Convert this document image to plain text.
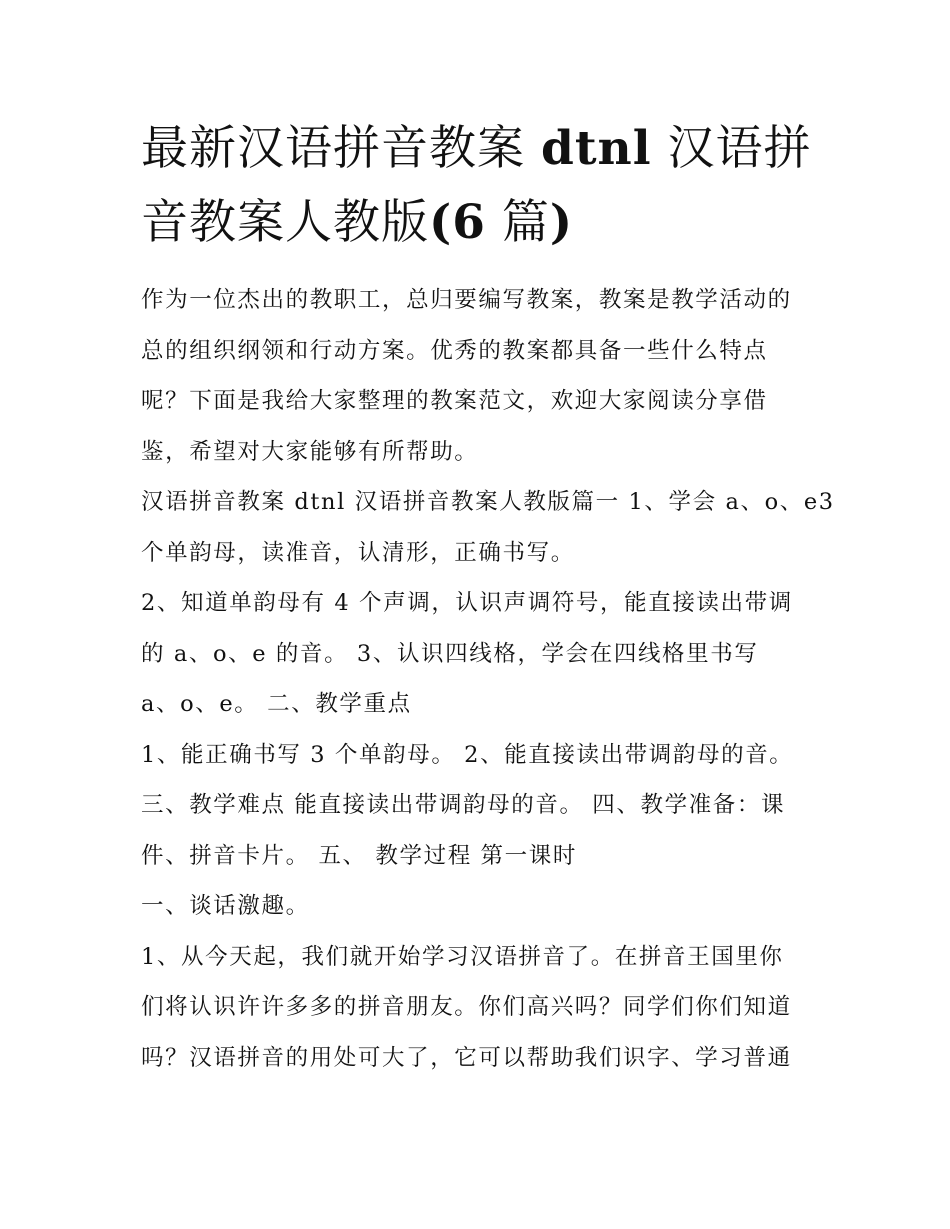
最新汉语拼音教案 dtnl 汉语拼音教案人教版(6 篇)
作为一位杰出的教职工，总归要编写教案，教案是教学活动的
总的组织纲领和行动方案。优秀的教案都具备一些什么特点
呢？下面是我给大家整理的教案范文，欢迎大家阅读分享借
鉴，希望对大家能够有所帮助。
汉语拼音教案 dtnl 汉语拼音教案人教版篇一 1、学会 a、o、e3
个单韵母，读准音，认清形，正确书写。
2、知道单韵母有 4 个声调，认识声调符号，能直接读出带调
的 a、o、e 的音。 3、认识四线格，学会在四线格里书写
a、o、e。 二、教学重点
1、能正确书写 3 个单韵母。 2、能直接读出带调韵母的音。
三、教学难点 能直接读出带调韵母的音。 四、教学准备：课
件、拼音卡片。 五、 教学过程 第一课时
一、谈话激趣。
1、从今天起，我们就开始学习汉语拼音了。在拼音王国里你
们将认识许许多多的拼音朋友。你们高兴吗？同学们你们知道
吗？汉语拼音的用处可大了，它可以帮助我们识字、学习普通
